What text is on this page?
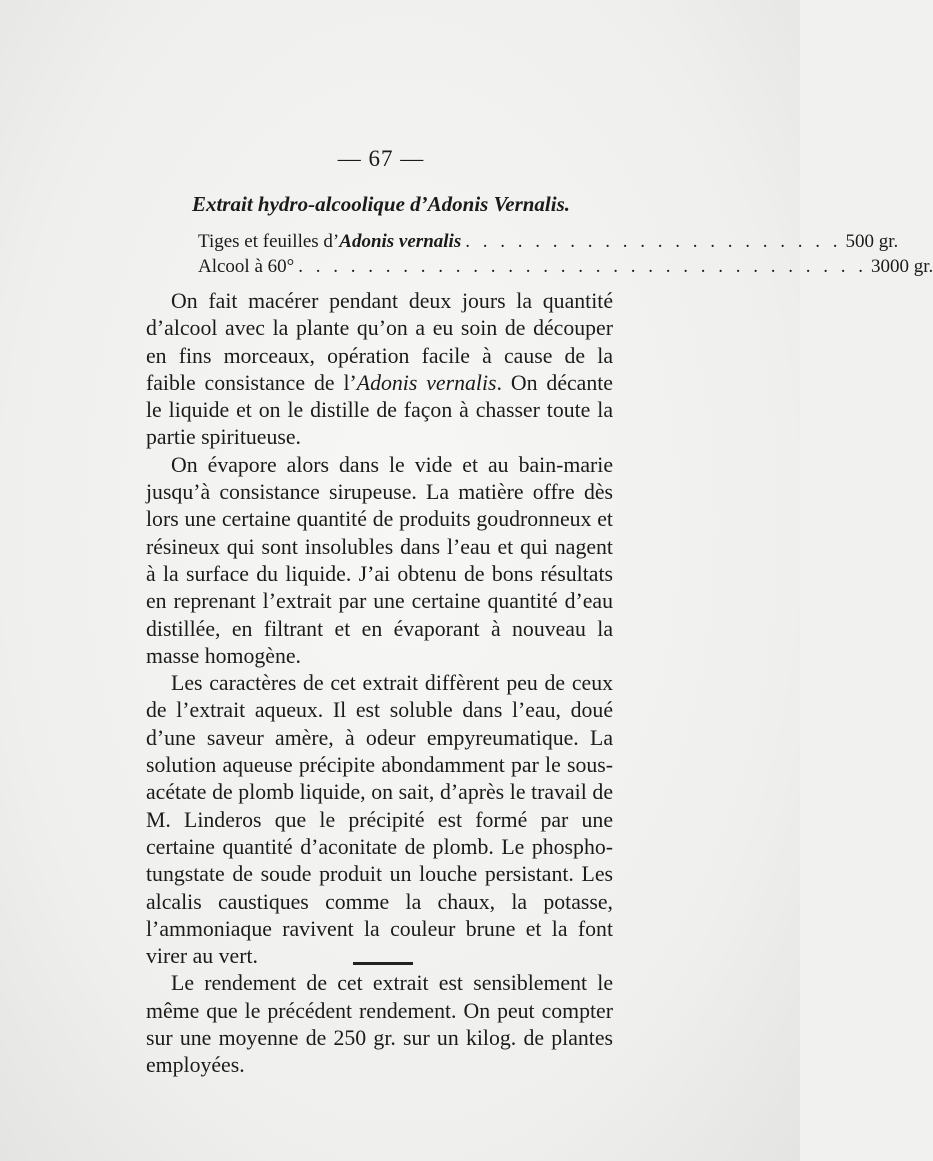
— 67 —
Extrait hydro-alcoolique d’Adonis Vernalis.
Tiges et feuilles d’Adonis vernalis . . . . . . . . . . . . . . . . . . . . . . 500 gr.
Alcool à 60° . . . . . . . . . . . . . . . . . . . . . . . . . . . . . . . . . 3000 gr.

On fait macérer pendant deux jours la quantité d’alcool avec la plante qu’on a eu soin de découper en fins morceaux, opération facile à cause de la faible consistance de l’Adonis vernalis. On décante le liquide et on le distille de façon à chasser toute la partie spiritueuse.

On évapore alors dans le vide et au bain-marie jusqu’à consistance sirupeuse. La matière offre dès lors une certaine quantité de produits goudronneux et résineux qui sont insolubles dans l’eau et qui nagent à la surface du liquide. J’ai obtenu de bons résultats en reprenant l’extrait par une certaine quantité d’eau distillée, en filtrant et en évaporant à nouveau la masse homogène.

Les caractères de cet extrait diffèrent peu de ceux de l’extrait aqueux. Il est soluble dans l’eau, doué d’une saveur amère, à odeur empyreumatique. La solution aqueuse précipite abondamment par le sous-acétate de plomb liquide, on sait, d’après le travail de M. Linderos que le précipité est formé par une certaine quantité d’aconitate de plomb. Le phospho-tungstate de soude produit un louche persistant. Les alcalis caustiques comme la chaux, la potasse, l’ammoniaque ravivent la couleur brune et la font virer au vert.

Le rendement de cet extrait est sensiblement le même que le précédent rendement. On peut compter sur une moyenne de 250 gr. sur un kilog. de plantes employées.
